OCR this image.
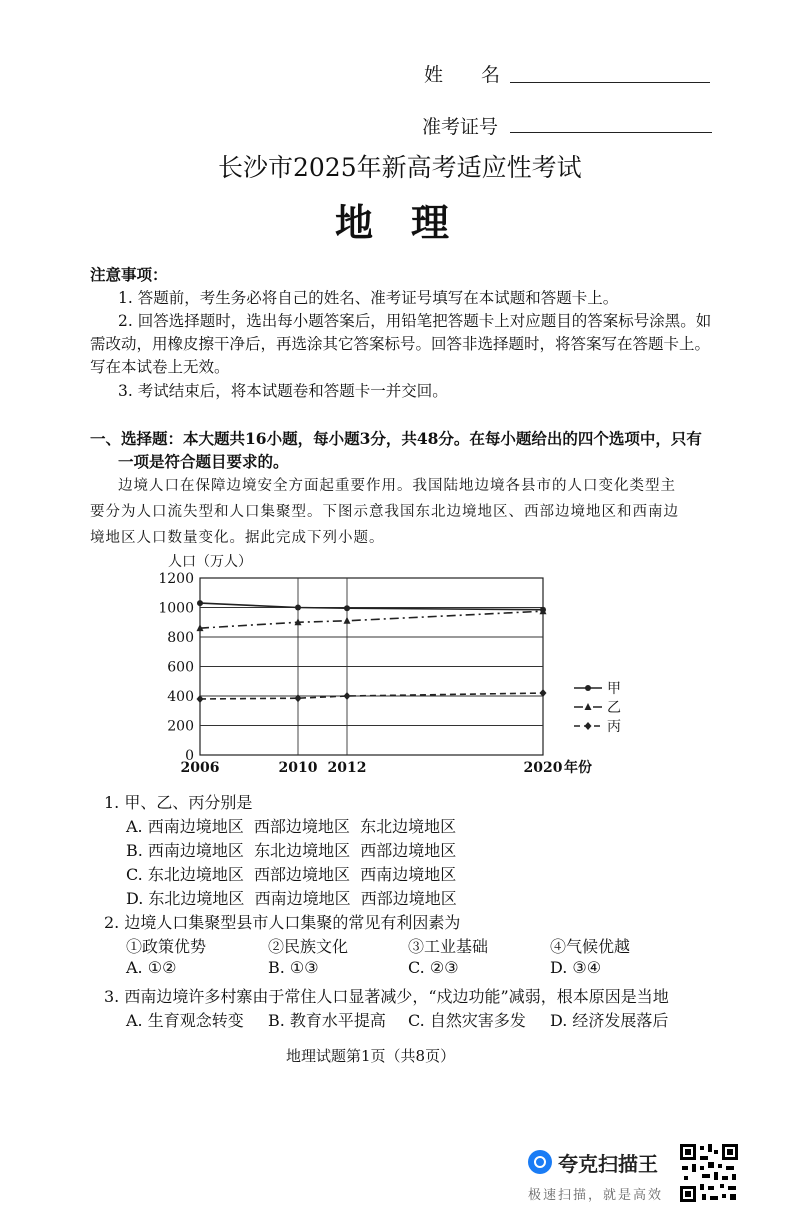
姓　　名
准考证号
长沙市2025年新高考适应性考试
地　理
注意事项：
1. 答题前，考生务必将自己的姓名、准考证号填写在本试题和答题卡上。
2. 回答选择题时，选出每小题答案后，用铅笔把答题卡上对应题目的答案标号涂黑。如
需改动，用橡皮擦干净后，再选涂其它答案标号。回答非选择题时，将答案写在答题卡上。
写在本试卷上无效。
3. 考试结束后，将本试题卷和答题卡一并交回。
一、选择题：本大题共16小题，每小题3分，共48分。在每小题给出的四个选项中，只有
一项是符合题目要求的。
边境人口在保障边境安全方面起重要作用。我国陆地边境各县市的人口变化类型主
要分为人口流失型和人口集聚型。下图示意我国东北边境地区、西部边境地区和西南边
境地区人口数量变化。据此完成下列小题。
0
200
400
600
800
1000
1200
2006	2010 2012	2020
人口（万人）
年份
甲
乙
丙
1. 甲、乙、丙分别是
A. 西南边境地区  西部边境地区  东北边境地区
B. 西南边境地区  东北边境地区  西部边境地区
C. 东北边境地区  西部边境地区  西南边境地区
D. 东北边境地区  西南边境地区  西部边境地区
2. 边境人口集聚型县市人口集聚的常见有利因素为
①政策优势	②民族文化	③工业基础	④气候优越
A. ①②	B. ①③	C. ②③	D. ③④
3. 西南边境许多村寨由于常住人口显著减少，“戍边功能”减弱，根本原因是当地
A. 生育观念转变 B. 教育水平提高 C. 自然灾害多发 D. 经济发展落后
地理试题第1页（共8页）
夸克扫描王
极速扫描，就是高效
